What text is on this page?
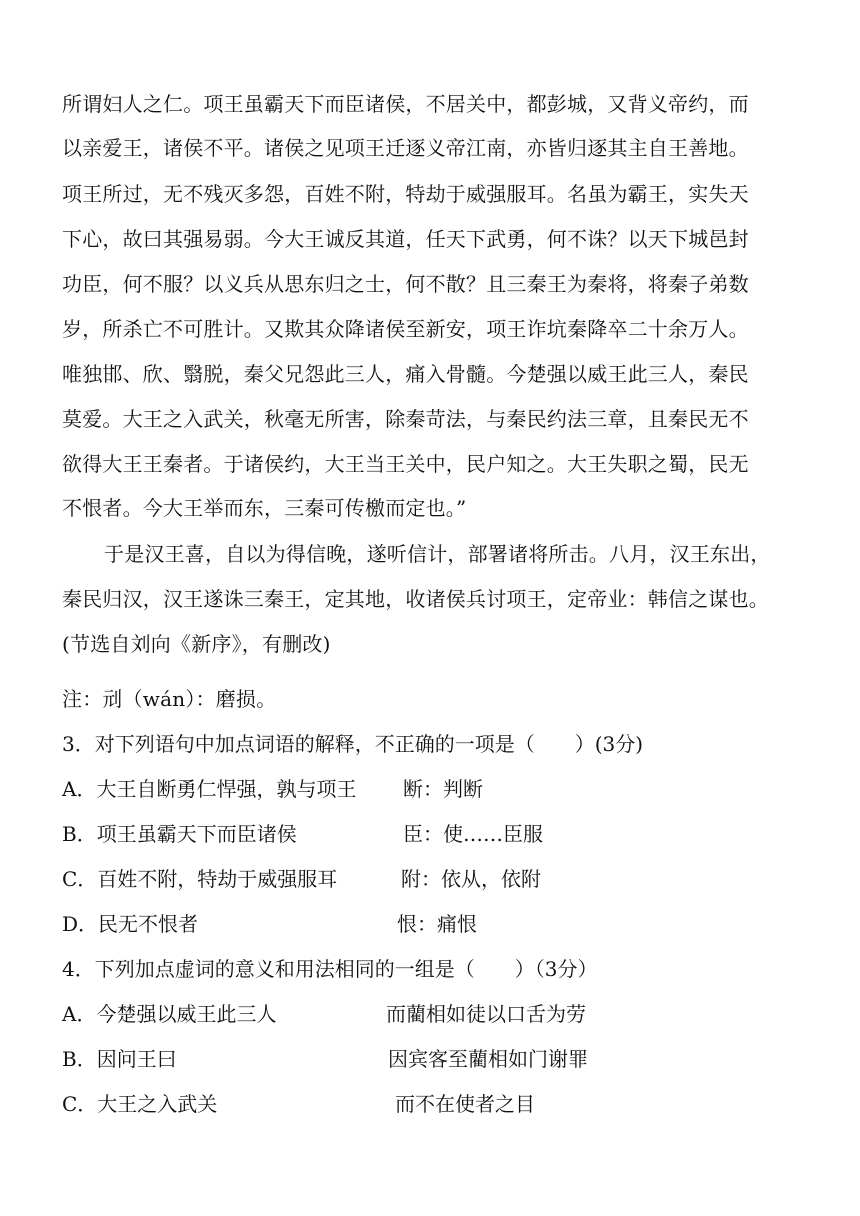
所谓妇人之仁。项王虽霸天下而臣诸侯，不居关中，都彭城，又背义帝约，而
以亲爱王，诸侯不平。诸侯之见项王迁逐义帝江南，亦皆归逐其主自王善地。
项王所过，无不残灭多怨，百姓不附，特劫于威强服耳。名虽为霸王，实失天
下心，故曰其强易弱。今大王诚反其道，任天下武勇，何不诛？以天下城邑封
功臣，何不服？以义兵从思东归之士，何不散？且三秦王为秦将，将秦子弟数
岁，所杀亡不可胜计。又欺其众降诸侯至新安，项王诈坑秦降卒二十余万人。
唯独邯、欣、翳脱，秦父兄怨此三人，痛入骨髓。今楚强以威王此三人，秦民
莫爱。大王之入武关，秋毫无所害，除秦苛法，与秦民约法三章，且秦民无不
欲得大王王秦者。于诸侯约，大王当王关中，民户知之。大王失职之蜀，民无
不恨者。今大王举而东，三秦可传檄而定也。”
于是汉王喜，自以为得信晚，遂听信计，部署诸将所击。八月，汉王东出，
秦民归汉，汉王遂诛三秦王，定其地，收诸侯兵讨项王，定帝业：韩信之谋也。
(节选自刘向《新序》，有删改)
注：刓（wán）：磨损。
3．对下列语句中加点词语的解释，不正确的一项是（　　）(3分)
A．大王自断勇仁悍强，孰与项王 断：判断
B．项王虽霸天下而臣诸侯	臣：使……臣服
C．百姓不附，特劫于威强服耳	附：依从，依附
D．民无不恨者	恨：痛恨
4．下列加点虚词的意义和用法相同的一组是（　　）（3分）
A．今楚强以威王此三人	而藺相如徒以口舌为劳
B．因问王曰	因宾客至藺相如门谢罪
C．大王之入武关	而不在使者之目
